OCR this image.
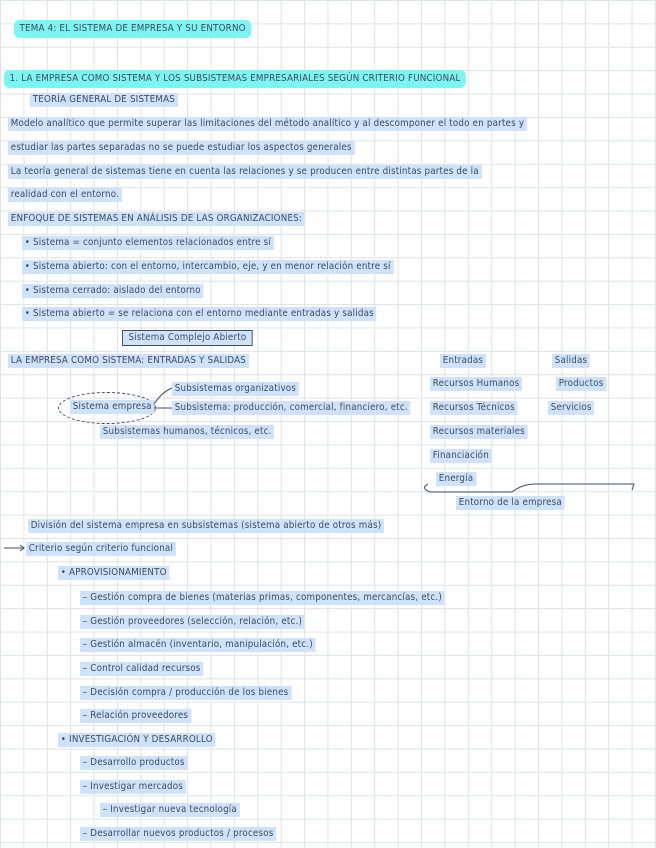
TEMA 4: EL SISTEMA DE EMPRESA Y SU ENTORNO
1. LA EMPRESA COMO SISTEMA Y LOS SUBSISTEMAS EMPRESARIALES SEGÚN CRITERIO FUNCIONAL
TEORÍA GENERAL DE SISTEMAS
Modelo analítico que permite superar las limitaciones del método analítico y al descomponer el todo en partes y
estudiar las partes separadas no se puede estudiar los aspectos generales
La teoría general de sistemas tiene en cuenta las relaciones y se producen entre distintas partes de la
realidad con el entorno.
ENFOQUE DE SISTEMAS EN ANÁLISIS DE LAS ORGANIZACIONES:
• Sistema = conjunto elementos relacionados entre sí
• Sistema abierto: con el entorno, intercambio, eje, y en menor relación entre sí
• Sistema cerrado: aislado del entorno
• Sistema abierto = se relaciona con el entorno mediante entradas y salidas
Sistema Complejo Abierto
LA EMPRESA COMO SISTEMA: ENTRADAS Y SALIDAS	Entradas
Recursos Humanos
Recursos Técnicos
Recursos materiales
Financiación
Energía
Salidas
Productos
Servicios
Entorno de la empresa
Sistema empresa
Subsistemas organizativos
Subsistema: producción, comercial, financiero, etc.
Subsistemas humanos, técnicos, etc.
División del sistema empresa en subsistemas (sistema abierto de otros más)
Criterio según criterio funcional
• APROVISIONAMIENTO
– Gestión compra de bienes (materias primas, componentes, mercancías, etc.)
– Gestión proveedores (selección, relación, etc.)
– Gestión almacén (inventario, manipulación, etc.)
– Control calidad recursos
– Decisión compra / producción de los bienes
– Relación proveedores
• INVESTIGACIÓN Y DESARROLLO
– Desarrollo productos
– Investigar mercados
– Investigar nueva tecnología
– Desarrollar nuevos productos / procesos
